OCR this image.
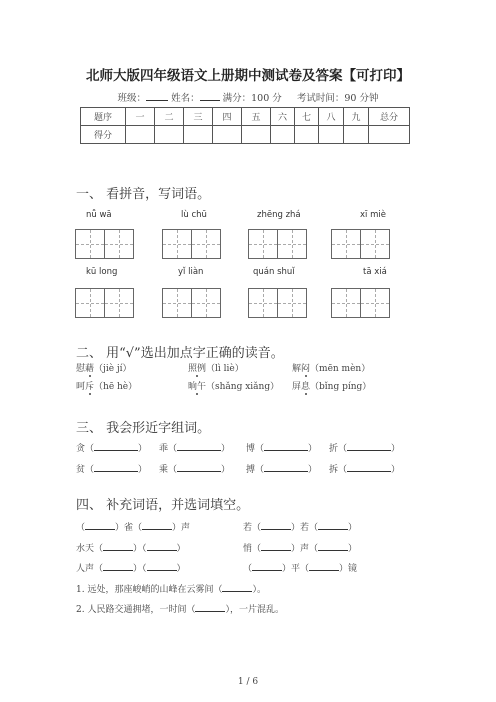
北师大版四年级语文上册期中测试卷及答案【可打印】
班级：	姓名： 满分：100 分 考试时间：90 分钟
题序	一	二	三	四	五	六	七	八	九	总分
得分										
一、 看拼音，写词语。
nǚ wā	lù chū	zhēng zhá	xī miè
kū long	yǐ liàn	quán shuǐ	tā xiá
二、 用“√”选出加点字正确的读音。
慰藉（jiè jí）	照例（lì liè）	解闷（mēn mèn）
呵斥（hē hè）	晌午（shǎng xiǎng） 屏息（bǐng píng）
三、 我会形近字组词。
贪（	） 乖（	） 博（	） 折（	）
贫（	） 乘（	） 搏（	） 拆（	）
四、 补充词语，并选词填空。
（	）雀（	）声	若（	）若（	）
水天（	）（	）	悄（	）声（	）
人声（	）（	）	（	）平（	）镜
1. 远处，那座峻峭的山峰在云雾间（	）。
2. 人民路交通拥堵，一时间（	），一片混乱。
1 / 6
